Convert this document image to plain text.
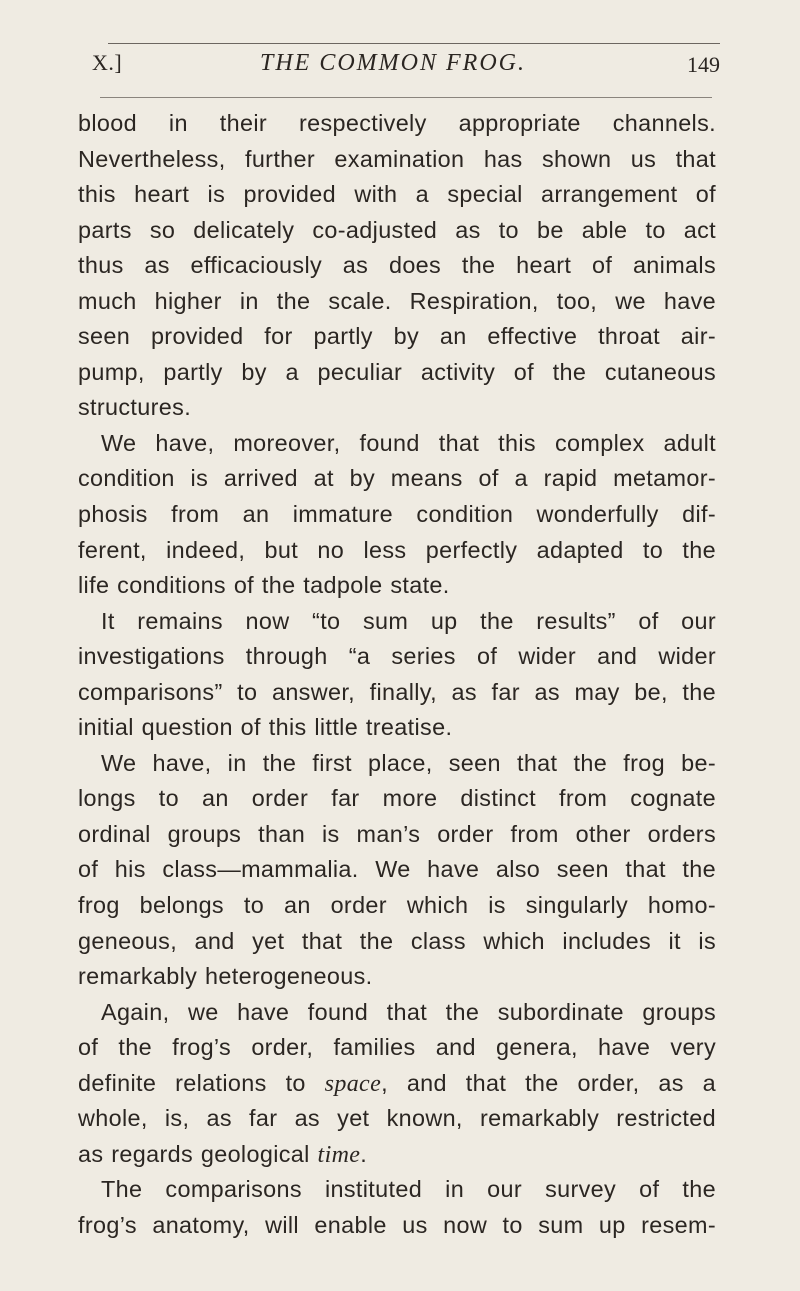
X.]	THE COMMON FROG.	149
blood in their respectively appropriate channels.
Nevertheless, further examination has shown us that
this heart is provided with a special arrangement of
parts so delicately co-adjusted as to be able to act
thus as efficaciously as does the heart of animals
much higher in the scale. Respiration, too, we have
seen provided for partly by an effective throat air-
pump, partly by a peculiar activity of the cutaneous
structures.
We have, moreover, found that this complex adult
condition is arrived at by means of a rapid metamor-
phosis from an immature condition wonderfully dif-
ferent, indeed, but no less perfectly adapted to the
life conditions of the tadpole state.
It remains now “to sum up the results” of our
investigations through “a series of wider and wider
comparisons” to answer, finally, as far as may be, the
initial question of this little treatise.
We have, in the first place, seen that the frog be-
longs to an order far more distinct from cognate
ordinal groups than is man’s order from other orders
of his class—mammalia. We have also seen that the
frog belongs to an order which is singularly homo-
geneous, and yet that the class which includes it is
remarkably heterogeneous.
Again, we have found that the subordinate groups
of the frog’s order, families and genera, have very
definite relations to space, and that the order, as a
whole, is, as far as yet known, remarkably restricted
as regards geological time.
The comparisons instituted in our survey of the
frog’s anatomy, will enable us now to sum up resem-
